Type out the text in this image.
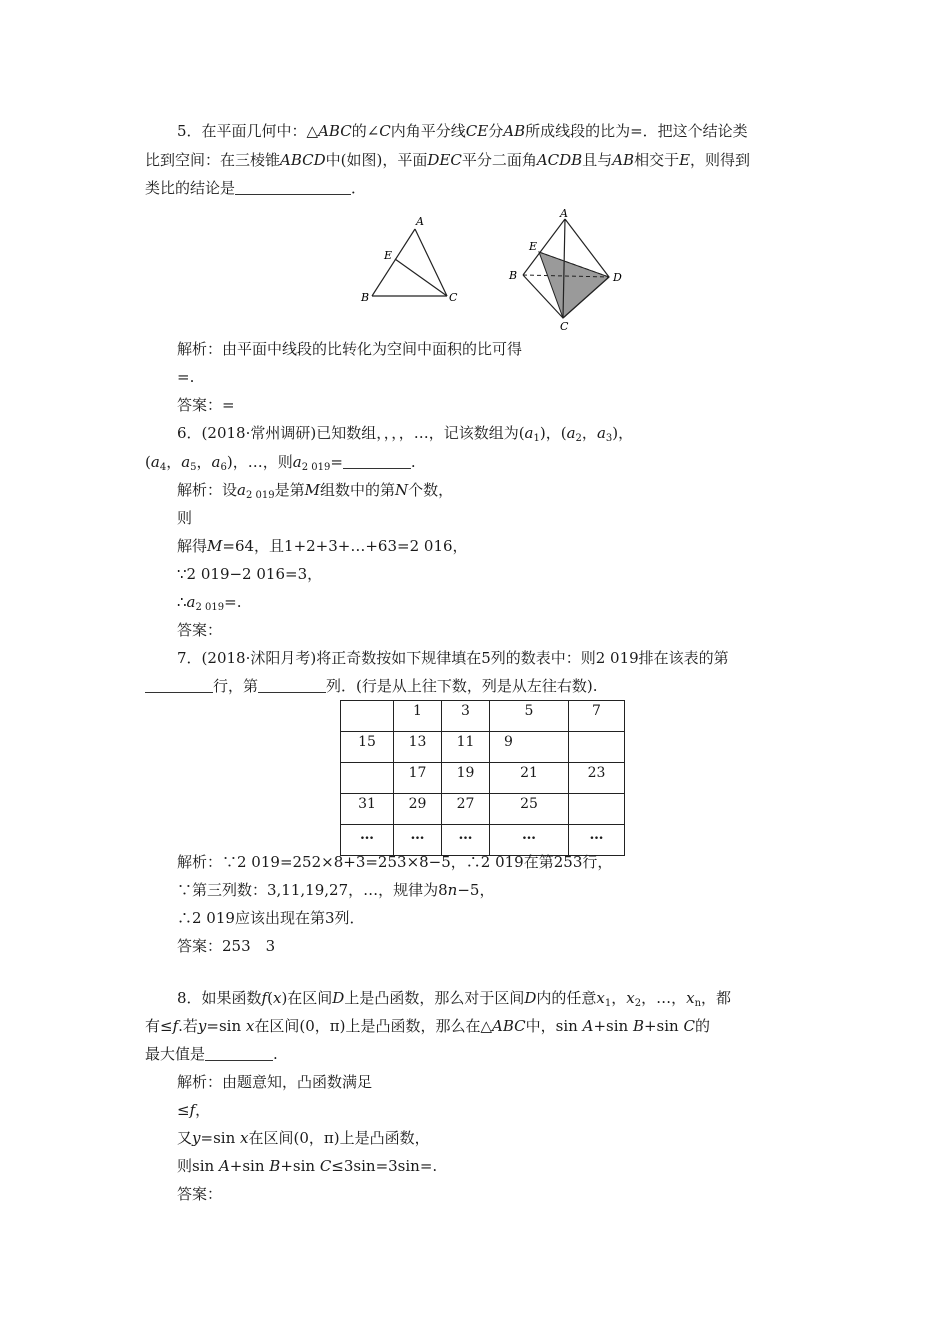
5．在平面几何中：△ABC的∠C内角平分线CE分AB所成线段的比为=．把这个结论类
比到空间：在三棱锥ABCD中(如图)，平面DEC平分二面角ACDB且与AB相交于E，则得到
类比的结论是	．
A
E
B	C
A
E
B	D
C
解析：由平面中线段的比转化为空间中面积的比可得
=.
答案：=
6．(2018·常州调研)已知数组，，，，…，记该数组为$(a_1)$，($a_2$，$a_3$)，
($a_4$，$a_5$，$a_6$)，…，则$a_{2 019}=$	.
解析：设$a_{2 019}$是第M组数中的第N个数，
则
解得M=64，且1+2+3+…+63=2 016，
∵2 019−2 016=3，
$\therefore a_{2 019}=$.
答案：
7．(2018·沭阳月考)将正奇数按如下规律填在5列的数表中：则2 019排在该表的第
行，第	列．(行是从上往下数，列是从左往右数).
	1	3	5	7
15	13	11	9	
	17	19	21	23
31	29	27	25	
…	…	…	…	…
解析：∵2 019=252×8+3=253×8−5，∴2 019在第253行，
∵第三列数：3,11,19,27，…，规律为8n−5，
∴2 019应该出现在第3列．
答案：253　3
8．如果函数f(x)在区间D上是凸函数，那么对于区间D内的任意$x_1$，$x_2$，…，$x_n$，都
有≤f.若y=sin x在区间(0，π)上是凸函数，那么在△ABC中，sin A+sin B+sin C的
最大值是	.
解析：由题意知，凸函数满足
≤f，
又y=sin x在区间(0，π)上是凸函数，
则sin A+sin B+sin C≤3sin=3sin=.
答案：
